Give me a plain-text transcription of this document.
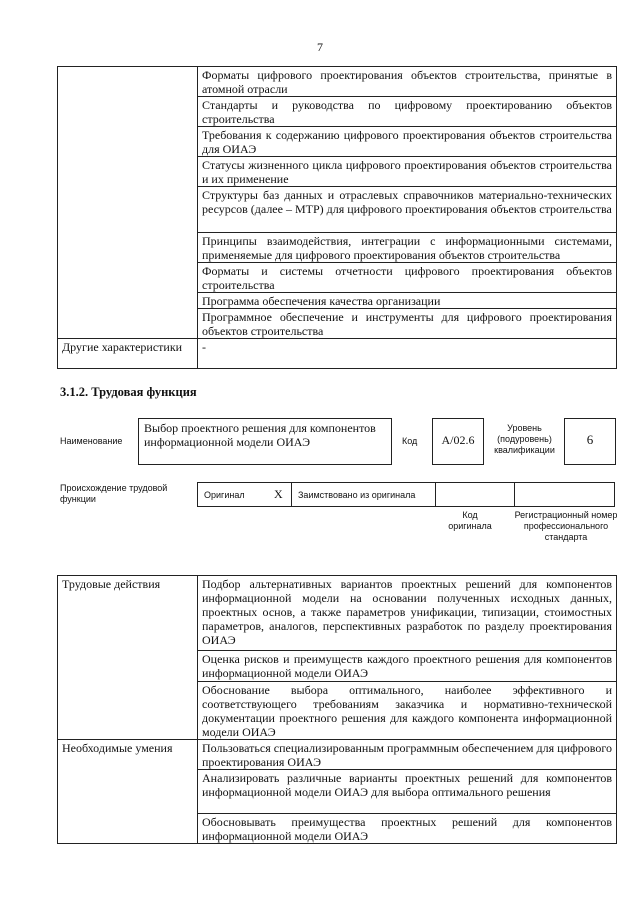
7
	Форматы цифрового проектирования объектов строительства, принятые в атомной отрасли
	Стандарты и руководства по цифровому проектированию объектов строительства
	Требования к содержанию цифрового проектирования объектов строительства для ОИАЭ
	Статусы жизненного цикла цифрового проектирования объектов строительства и их применение
	Структуры баз данных и отраслевых справочников материально-технических ресурсов (далее – МТР) для цифрового проектирования объектов строительства
	Принципы взаимодействия, интеграции с информационными системами, применяемые для цифрового проектирования объектов строительства
	Форматы и системы отчетности цифрового проектирования объектов строительства
	Программа обеспечения качества организации
	Программное обеспечение и инструменты для цифрового проектирования объектов строительства
Другие характеристики	-
3.1.2. Трудовая функция
Наименование
Выбор проектного решения для компонентов информационной модели ОИАЭ	Код	А/02.6
Уровень (подуровень) квалификации
6
Происхождение трудовой функции	Оригинал X Заимствовано из оригинала
Код оригинала
Регистрационный номер профессионального стандарта
Трудовые действия	Подбор альтернативных вариантов проектных решений для компонентов информационной модели на основании полученных исходных данных, проектных основ, а также параметров унификации, типизации, стоимостных параметров, аналогов, перспективных разработок по разделу проектирования ОИАЭ
	Оценка рисков и преимуществ каждого проектного решения для компонентов информационной модели ОИАЭ
	Обоснование выбора оптимального, наиболее эффективного и соответствующего требованиям заказчика и нормативно-технической документации проектного решения для каждого компонента информационной модели ОИАЭ
Необходимые умения	Пользоваться специализированным программным обеспечением для цифрового проектирования ОИАЭ
	Анализировать различные варианты проектных решений для компонентов информационной модели ОИАЭ для выбора оптимального решения
	Обосновывать преимущества проектных решений для компонентов информационной модели ОИАЭ
